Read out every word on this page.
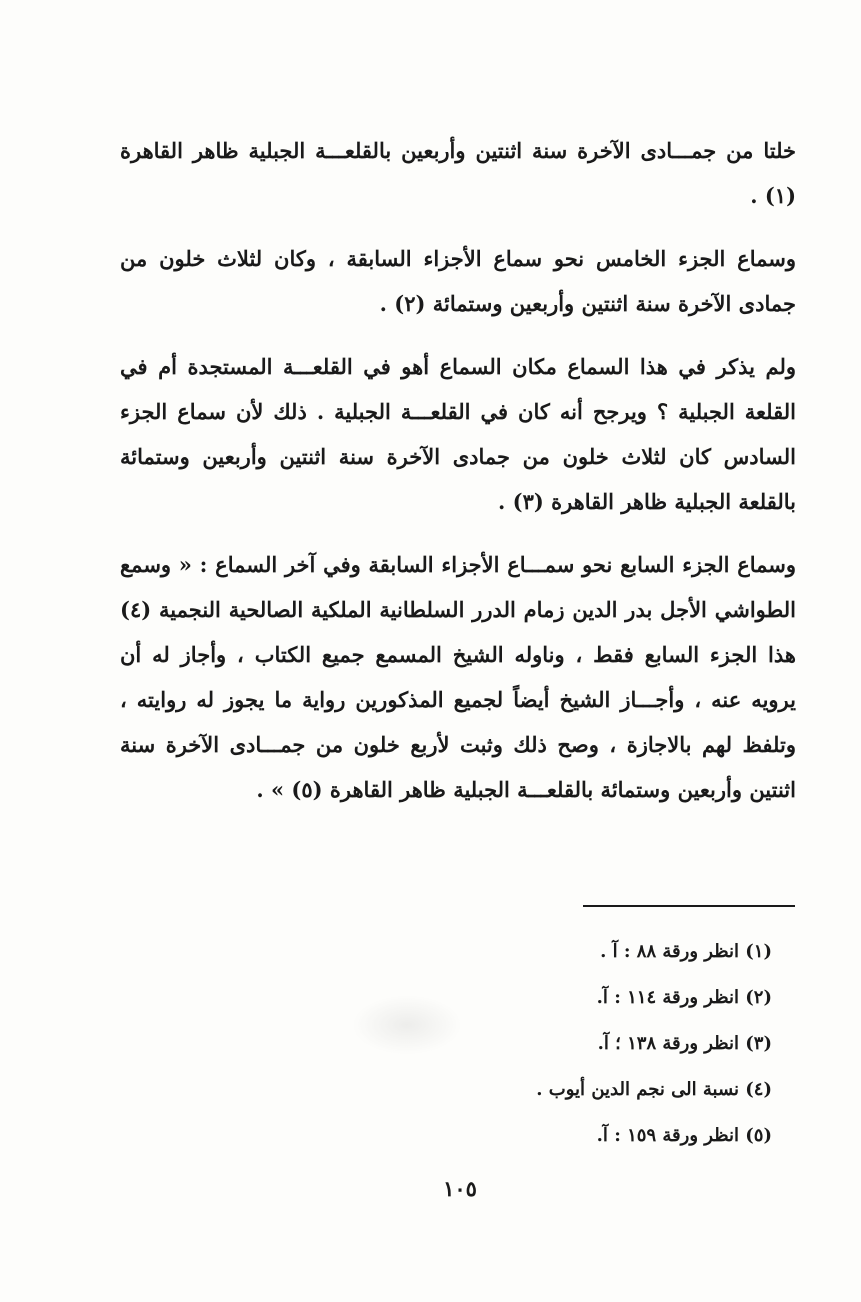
خلتا من جمـــادى الآخرة سنة اثنتين وأربعين بالقلعـــة الجبلية ظاهر القاهرة (١) .
وسماع الجزء الخامس نحو سماع الأجزاء السابقة ، وكان لثلاث خلون من جمادى الآخرة سنة اثنتين وأربعين وستمائة (٢) .
ولم يذكر في هذا السماع مكان السماع أهو في القلعـــة المستجدة أم في القلعة الجبلية ؟ ويرجح أنه كان في القلعـــة الجبلية . ذلك لأن سماع الجزء السادس كان لثلاث خلون من جمادى الآخرة سنة اثنتين وأربعين وستمائة بالقلعة الجبلية ظاهر القاهرة (٣) .
وسماع الجزء السابع نحو سمـــاع الأجزاء السابقة وفي آخر السماع : « وسمع الطواشي الأجل بدر الدين زمام الدرر السلطانية الملكية الصالحية النجمية (٤) هذا الجزء السابع فقط ، وناوله الشيخ المسمع جميع الكتاب ، وأجاز له أن يرويه عنه ، وأجـــاز الشيخ أيضاً لجميع المذكورين رواية ما يجوز له روايته ، وتلفظ لهم بالاجازة ، وصح ذلك وثبت لأربع خلون من جمـــادى الآخرة سنة اثنتين وأربعين وستمائة بالقلعـــة الجبلية ظاهر القاهرة (٥) » .
(١) انظر ورقة ٨٨ : آ .
(٢) انظر ورقة ١١٤ : آ.
(٣) انظر ورقة ١٣٨ ؛ آ.
(٤) نسبة الى نجم الدين أيوب .
(٥) انظر ورقة ١٥٩ : آ.
١٠٥
